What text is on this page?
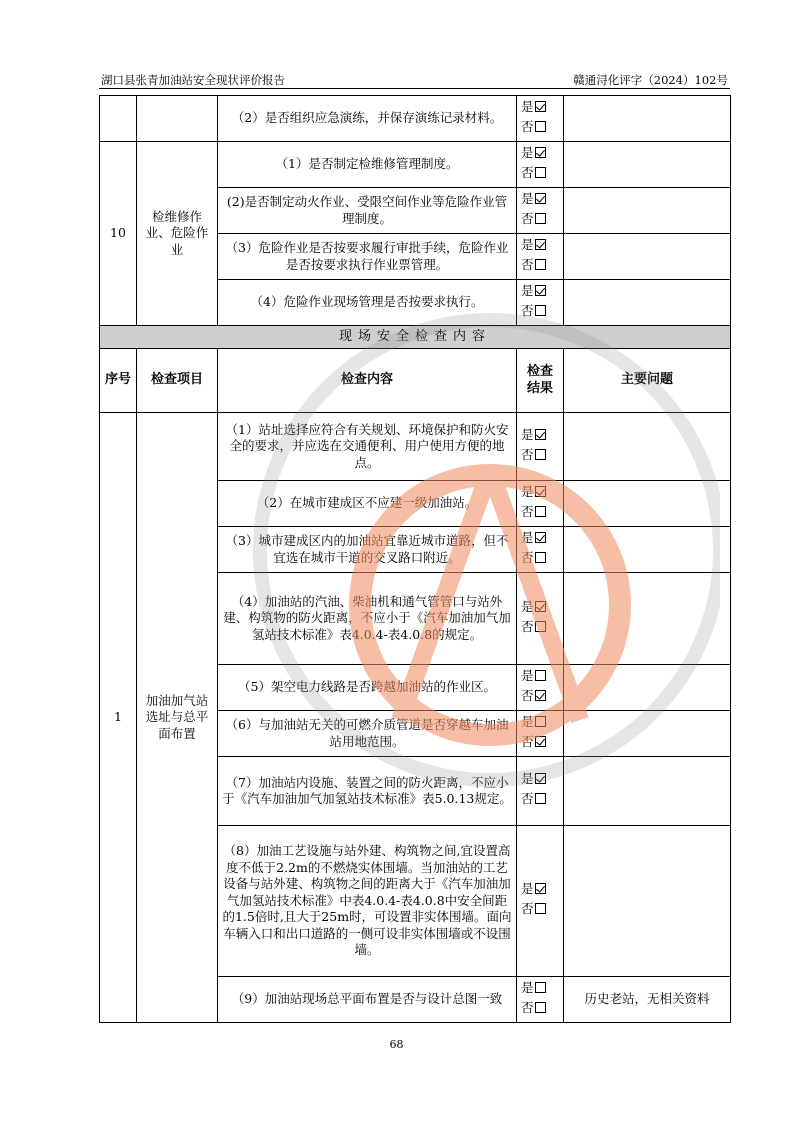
湖口县张青加油站安全现状评价报告	赣通浔化评字（2024）102号
		（2）是否组织应急演练，并保存演练记录材料。	是
否	

10	检维修作业、危险作业	（1）是否制定检维修管理制度。	是
否	

		(2)是否制定动火作业、受限空间作业等危险作业管理制度。	是
否	

		（3）危险作业是否按要求履行审批手续，危险作业是否按要求执行作业票管理。	是
否	

		（4）危险作业现场管理是否按要求执行。	是
否	

现场安全检查内容				
序号	检查项目	检查内容	检查结果	主要问题
1	加油加气站选址与总平面布置	（1）站址选择应符合有关规划、环境保护和防火安全的要求，并应选在交通便利、用户使用方便的地点。	是
否	

		（2）在城市建成区不应建一级加油站。	是
否	

		（3）城市建成区内的加油站宜靠近城市道路，但不宜选在城市干道的交叉路口附近。	是
否	

		（4）加油站的汽油、柴油机和通气管管口与站外建、构筑物的防火距离，不应小于《汽车加油加气加氢站技术标准》表4.0.4-表4.0.8的规定。	是
否	

		（5）架空电力线路是否跨越加油站的作业区。	是
否	

		（6）与加油站无关的可燃介质管道是否穿越车加油站用地范围。	是
否	

		（7）加油站内设施、装置之间的防火距离，不应小于《汽车加油加气加氢站技术标准》表5.0.13规定。	是
否	

		（8）加油工艺设施与站外建、构筑物之间,宜设置高度不低于2.2m的不燃烧实体围墙。当加油站的工艺设备与站外建、构筑物之间的距离大于《汽车加油加气加氢站技术标准》中表4.0.4-表4.0.8中安全间距的1.5倍时,且大于25m时，可设置非实体围墙。面向车辆入口和出口道路的一侧可设非实体围墙或不设围墙。	是
否	

		（9）加油站现场总平面布置是否与设计总图一致	是
否	历史老站，无相关资料
68
